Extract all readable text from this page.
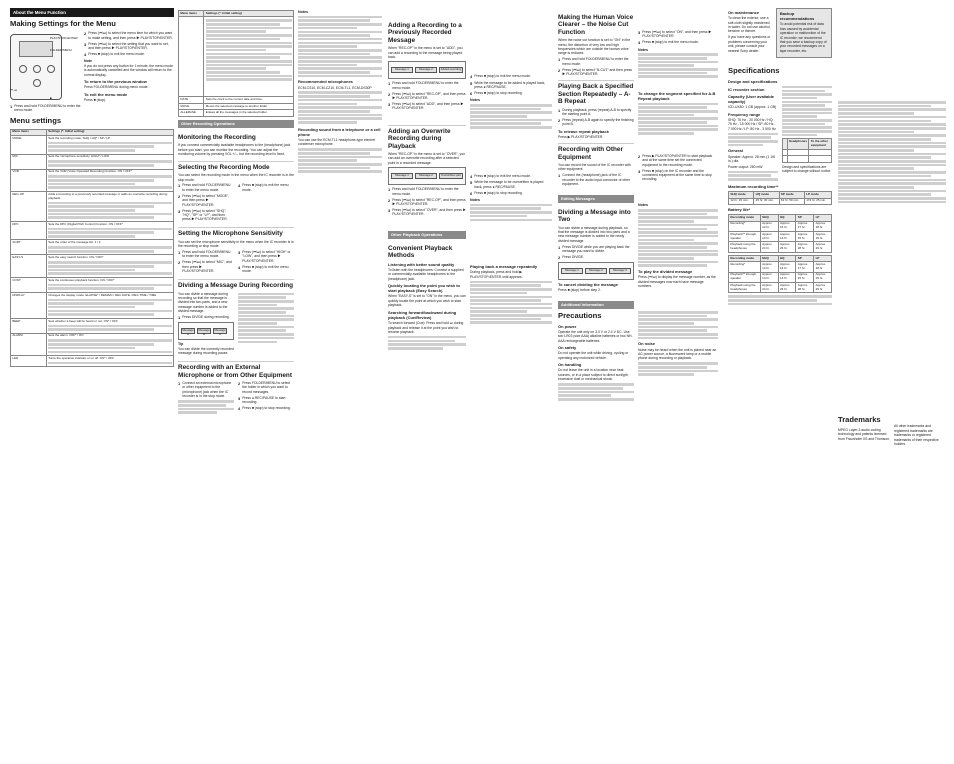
About the Menu Function
Making Settings for the Menu
PLAY/STOP•ENTER
FOLDER/MENU
⏮, ⏭
■
2 Press (⏮/⏭) to select the menu item for which you want to make setting, and then press ▶ PLAY/STOP•ENTER.
3 Press (⏮/⏭) to select the setting that you want to set, and then press ▶ PLAY/STOP•ENTER.
4 Press ■ (stop) to exit the menu mode.
Note

If you do not press any button for 1 minute, the menu mode is automatically cancelled and the window will return to the normal display.

To return to the previous window

Press FOLDER/MENU during menu mode.

To exit the menu mode

Press ■ (stop).

1 Press and hold FOLDER/MENU to enter the menu mode.
Menu settings
Menu items	Settings (*: Initial setting)
MODE	Sets the recording mode. SHQ / HQ* / SP / LP

MIC	Sets the microphone sensitivity. HIGH* / LOW

VOR	Sets the VOR (Voice Operated Recording) function. ON / OFF*

REC-OP	Adds a recording to a previously recorded message or adds an overwrite recording during playback.

DPC	Sets the DPC (Digital Pitch Control) function. ON / OFF*

SORT	Sets the order of the message list. 1 / 2

EASY-S	Sets the easy search function. ON / OFF*

CONT	Sets the continuous playback function. ON / OFF*

DISPLAY	Changes the display mode. ELAPSE* / REMAIN / REC DATE / REC TIME / TIME

BEEP	Sets whether a beep will be heard or not. ON* / OFF

ALARM	Sets the alarm. OFF* / ON

LED	Turns the operation indicator on or off. ON* / OFF
Menu items	Settings (*: Initial setting)

DATE	Sets the clock to the current date and time.
MOVE	Moves the selected message to another folder.
ALLERASE	Erases all the messages in the selected folder.
Other Recording Operations
Monitoring the Recording

If you connect commercially available headphones to the (headphone) jack before you start, you can monitor the recording. You can adjust the monitoring volume by pressing VOL +/–, but the recording level is fixed.

Selecting the Recording Mode

You can select the recording mode in the menu when the IC recorder is in the stop mode.

1 Press and hold FOLDER/MENU to enter the menu mode.
2 Press (⏮/⏭) to select "MODE", and then press ▶ PLAY/STOP•ENTER.
3 Press (⏮/⏭) to select "SHQ", "HQ", "SP" or "LP", and then press ▶ PLAY/STOP•ENTER.
4 Press ■ (stop) to exit the menu mode.
Setting the Microphone Sensitivity

You can set the microphone sensitivity in the menu when the IC recorder is in the recording or stop mode.

1 Press and hold FOLDER/MENU to enter the menu mode.
2 Press (⏮/⏭) to select "MIC", and then press ▶ PLAY/STOP•ENTER.
3 Press (⏮/⏭) to select "HIGH" or "LOW", and then press ▶ PLAY/STOP•ENTER.
4 Press ■ (stop) to exit the menu mode.
Dividing a Message During Recording

You can divide a message during recording so that the message is divided into two parts, and a new message number is added to the divided message.

1 Press DIVIDE during recording.
Message A
Message B
Message C
Tip

You can divide the currently recorded message during recording pause.

Recording with an External Microphone or from Other Equipment
1 Connect an external microphone or other equipment to the (microphone) jack when the IC recorder is in the stop mode.
2 Press FOLDER/MENU to select the folder in which you want to record messages.
3 Press ● REC/PAUSE to start recording.
4 Press ■ (stop) to stop recording.
Notes
Recommended microphones

ECM-CS10, ECM-CZ10, ECM-TL1, ECM-DS30P

Recording sound from a telephone or a cell phone

You can use the ECM-TL1 headphone-type electret condenser microphone.

Adding a Recording to a Previously Recorded Message

When "REC-OP" in the menu is set to "ADD", you can add a recording to the message being played back.

Message 1	Message 2	Added recording
1 Press and hold FOLDER/MENU to enter the menu mode.
2 Press (⏮/⏭) to select "REC-OP", and then press ▶ PLAY/STOP•ENTER.
3 Press (⏮/⏭) to select "ADD", and then press ▶ PLAY/STOP•ENTER.
Adding an Overwrite Recording during Playback

When "REC-OP" in the menu is set to "OVER", you can add an overwrite recording after a selected point in a recorded message.

Message 1	Message 2	Overwritten part
1 Press and hold FOLDER/MENU to enter the menu mode.
2 Press (⏮/⏭) to select "REC-OP", and then press ▶ PLAY/STOP•ENTER.
3 Press (⏮/⏭) to select "OVER", and then press ▶ PLAY/STOP•ENTER.
Other Playback Operations
Convenient Playback Methods
Listening with better sound quality

To listen with the headphones: Connect a supplied or commercially available headphones to the (headphone) jack.

Quickly locating the point you wish to start playback (Easy Search)

When "EASY-S" is set to "ON" in the menu, you can quickly locate the point at which you wish to start playback.

Searching forward/backward during playback (Cue/Review)

To search forward (Cue): Press and hold ⏭ during playback and release it at the point you wish to resume playback.

4 Press ■ (stop) to exit the menu mode.
5 While the message to be added is played back, press ● REC/PAUSE.
6 Press ■ (stop) to stop recording.
Notes
4 Press ■ (stop) to exit the menu mode.
5 While the message to be overwritten is played back, press ● REC/PAUSE.
6 Press ■ (stop) to stop recording.
Notes
Playing back a message repeatedly

During playback, press and hold ▶ PLAY/STOP•ENTER until appears.

Making the Human Voice Clearer – the Noise Cut Function

When the noise cut function is set to "ON" in the menu, the distortion of very low and high frequencies which are outside the human voice range is reduced.

1 Press and hold FOLDER/MENU to enter the menu mode.
2 Press (⏮/⏭) to select "N-CUT" and then press ▶ PLAY/STOP•ENTER.
Playing Back a Specified Section Repeatedly – A-B Repeat
1 During playback, press (repeat) A-B to specify the starting point A.
2 Press (repeat) A-B again to specify the finishing point B.
To release repeat playback

Press ▶ PLAY/STOP•ENTER.

Recording with Other Equipment

You can record the sound of the IC recorder with other equipment.

1 Connect the (headphone) jack of the IC recorder to the audio input connector of other equipment.
Editing Messages
Dividing a Message into Two

You can divide a message during playback, so that the message is divided into two parts and a new message number is added to the newly divided message.

1 Press DIVIDE while you are playing back the message you want to divide.
2 Press DIVIDE.
Message 1	Message 2	Message 3
To cancel dividing the message

Press ■ (stop) before step 2.

Additional Information
Precautions
On power

Operate the unit only on 3.0 V or 2.4 V DC. Use two LR03 (size AAA) alkaline batteries or two NH-AAA rechargeable batteries.

On safety

Do not operate the unit while driving, cycling or operating any motorized vehicle.

On handling

Do not leave the unit in a location near heat sources, or in a place subject to direct sunlight, excessive dust or mechanical shock.

3 Press (⏮/⏭) to select "ON", and then press ▶ PLAY/STOP•ENTER.
4 Press ■ (stop) to exit the menu mode.
Notes
To change the segment specified for A-B Repeat playback
2 Press ▶ PLAY/STOP•ENTER to start playback and at the same time set the connected equipment to the recording mode.
3 Press ■ (stop) on the IC recorder and the connected equipment at the same time to stop recording.
Notes
To play the divided message

Press (⏮/⏭) to display the message number, as the divided messages now each have message numbers.

On noise

Noise may be heard when the unit is placed near an AC power source, a fluorescent lamp or a mobile phone during recording or playback.

On maintenance

To clean the exterior, use a soft cloth slightly moistened in water. Do not use alcohol, benzine or thinner.

If you have any questions or problems concerning your unit, please consult your nearest Sony dealer.

Backup recommendations

To avoid potential risk of data loss caused by accidental operation or malfunction of the IC recorder, we recommend that you save a backup copy of your recorded messages on a tape recorder, etc.

Specifications
Design and specifications
IC recorder section
Capacity (User available capacity)

ICD-UX80: 1 GB (approx. 1 GB)

Frequency range

SHQ: 75 Hz - 20 000 Hz / HQ: 75 Hz - 15 000 Hz / SP: 80 Hz - 7 000 Hz / LP: 80 Hz - 3 500 Hz

General

Speaker: Approx. 28 mm (1 1/8 in.) dia.

Power output: 250 mW

	Headphones	To the other equipment

Design and specifications are subject to change without notice.

Maximum recording time**
SHQ mode	HQ mode	SP mode	LP mode
12 hr. 15 min.	25 hr. 30 min.	62 hr. 50 min.	174 hr. 25 min.
Battery life*
Recording mode	SHQ	HQ	SP	LP
Recording*	Approx. 14 hr.	Approx. 16 hr.	Approx. 17 hr.	Approx. 18 hr.
Playback** through speaker	Approx. 14 hr.	Approx. 14 hr.	Approx. 15 hr.	Approx. 15 hr.
Playback using the headphones	Approx. 24 hr.	Approx. 26 hr.	Approx. 28 hr.	Approx. 29 hr.
Recording mode	SHQ	HQ	SP	LP
Recording*	Approx. 14 hr.	Approx. 16 hr.	Approx. 17 hr.	Approx. 18 hr.
Playback** through speaker	Approx. 14 hr.	Approx. 14 hr.	Approx. 15 hr.	Approx. 15 hr.
Playback using the headphones	Approx. 24 hr.	Approx. 26 hr.	Approx. 28 hr.	Approx. 29 hr.
Trademarks

MPEG Layer-3 audio coding technology and patents licensed from Fraunhofer IIS and Thomson.

All other trademarks and registered trademarks are trademarks or registered trademarks of their respective holders.
